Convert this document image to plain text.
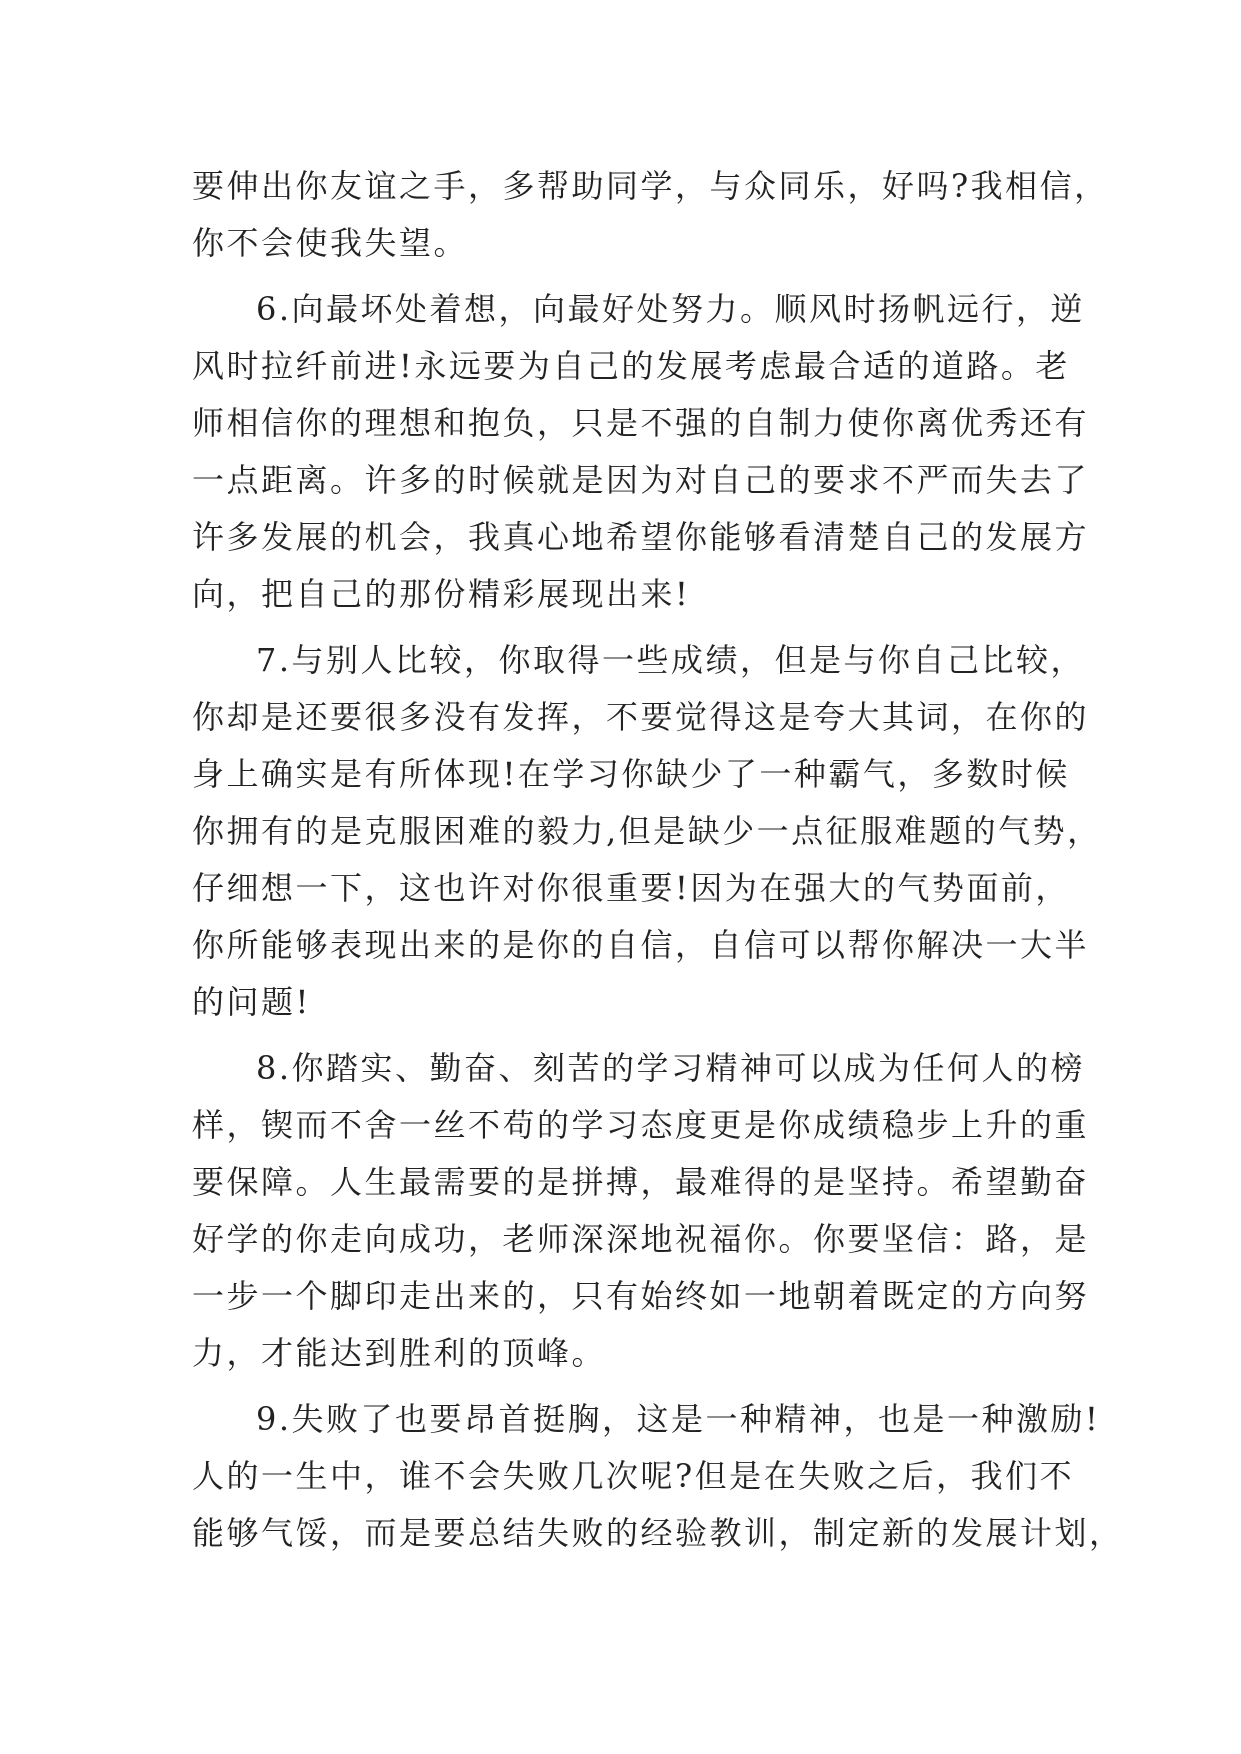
要伸出你友谊之手，多帮助同学，与众同乐，好吗?我相信，
你不会使我失望。
6.向最坏处着想，向最好处努力。顺风时扬帆远行，逆
风时拉纤前进!永远要为自己的发展考虑最合适的道路。老
师相信你的理想和抱负，只是不强的自制力使你离优秀还有
一点距离。许多的时候就是因为对自己的要求不严而失去了
许多发展的机会，我真心地希望你能够看清楚自己的发展方
向，把自己的那份精彩展现出来!
7.与别人比较，你取得一些成绩，但是与你自己比较，
你却是还要很多没有发挥，不要觉得这是夸大其词，在你的
身上确实是有所体现!在学习你缺少了一种霸气，多数时候
你拥有的是克服困难的毅力,但是缺少一点征服难题的气势，
仔细想一下，这也许对你很重要!因为在强大的气势面前，
你所能够表现出来的是你的自信，自信可以帮你解决一大半
的问题!
8.你踏实、勤奋、刻苦的学习精神可以成为任何人的榜
样，锲而不舍一丝不苟的学习态度更是你成绩稳步上升的重
要保障。人生最需要的是拼搏，最难得的是坚持。希望勤奋
好学的你走向成功，老师深深地祝福你。你要坚信：路，是
一步一个脚印走出来的，只有始终如一地朝着既定的方向努
力，才能达到胜利的顶峰。
9.失败了也要昂首挺胸，这是一种精神，也是一种激励!
人的一生中，谁不会失败几次呢?但是在失败之后，我们不
能够气馁，而是要总结失败的经验教训，制定新的发展计划，
